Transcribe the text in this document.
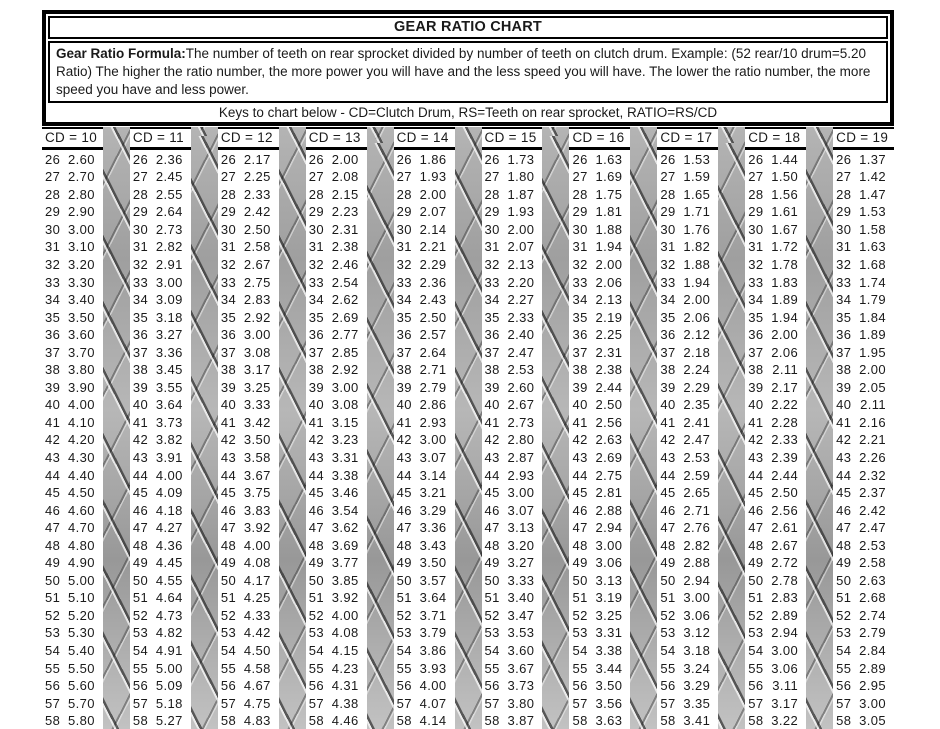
GEAR RATIO CHART
Gear Ratio Formula:The number of teeth on rear sprocket divided by number of teeth on clutch drum. Example: (52 rear/10 drum=5.20 Ratio) The higher the ratio number, the more power you will have and the less speed you will have. The lower the ratio number, the more speed you have and less power.
Keys to chart below - CD=Clutch Drum, RS=Teeth on rear sprocket, RATIO=RS/CD
CD = 10
26 2.60
27 2.70
28 2.80
29 2.90
30 3.00
31 3.10
32 3.20
33 3.30
34 3.40
35 3.50
36 3.60
37 3.70
38 3.80
39 3.90
40 4.00
41 4.10
42 4.20
43 4.30
44 4.40
45 4.50
46 4.60
47 4.70
48 4.80
49 4.90
50 5.00
51 5.10
52 5.20
53 5.30
54 5.40
55 5.50
56 5.60
57 5.70
58 5.80
CD = 11
26 2.36
27 2.45
28 2.55
29 2.64
30 2.73
31 2.82
32 2.91
33 3.00
34 3.09
35 3.18
36 3.27
37 3.36
38 3.45
39 3.55
40 3.64
41 3.73
42 3.82
43 3.91
44 4.00
45 4.09
46 4.18
47 4.27
48 4.36
49 4.45
50 4.55
51 4.64
52 4.73
53 4.82
54 4.91
55 5.00
56 5.09
57 5.18
58 5.27
CD = 12
26 2.17
27 2.25
28 2.33
29 2.42
30 2.50
31 2.58
32 2.67
33 2.75
34 2.83
35 2.92
36 3.00
37 3.08
38 3.17
39 3.25
40 3.33
41 3.42
42 3.50
43 3.58
44 3.67
45 3.75
46 3.83
47 3.92
48 4.00
49 4.08
50 4.17
51 4.25
52 4.33
53 4.42
54 4.50
55 4.58
56 4.67
57 4.75
58 4.83
CD = 13
26 2.00
27 2.08
28 2.15
29 2.23
30 2.31
31 2.38
32 2.46
33 2.54
34 2.62
35 2.69
36 2.77
37 2.85
38 2.92
39 3.00
40 3.08
41 3.15
42 3.23
43 3.31
44 3.38
45 3.46
46 3.54
47 3.62
48 3.69
49 3.77
50 3.85
51 3.92
52 4.00
53 4.08
54 4.15
55 4.23
56 4.31
57 4.38
58 4.46
CD = 14
26 1.86
27 1.93
28 2.00
29 2.07
30 2.14
31 2.21
32 2.29
33 2.36
34 2.43
35 2.50
36 2.57
37 2.64
38 2.71
39 2.79
40 2.86
41 2.93
42 3.00
43 3.07
44 3.14
45 3.21
46 3.29
47 3.36
48 3.43
49 3.50
50 3.57
51 3.64
52 3.71
53 3.79
54 3.86
55 3.93
56 4.00
57 4.07
58 4.14
CD = 15
26 1.73
27 1.80
28 1.87
29 1.93
30 2.00
31 2.07
32 2.13
33 2.20
34 2.27
35 2.33
36 2.40
37 2.47
38 2.53
39 2.60
40 2.67
41 2.73
42 2.80
43 2.87
44 2.93
45 3.00
46 3.07
47 3.13
48 3.20
49 3.27
50 3.33
51 3.40
52 3.47
53 3.53
54 3.60
55 3.67
56 3.73
57 3.80
58 3.87
CD = 16
26 1.63
27 1.69
28 1.75
29 1.81
30 1.88
31 1.94
32 2.00
33 2.06
34 2.13
35 2.19
36 2.25
37 2.31
38 2.38
39 2.44
40 2.50
41 2.56
42 2.63
43 2.69
44 2.75
45 2.81
46 2.88
47 2.94
48 3.00
49 3.06
50 3.13
51 3.19
52 3.25
53 3.31
54 3.38
55 3.44
56 3.50
57 3.56
58 3.63
CD = 17
26 1.53
27 1.59
28 1.65
29 1.71
30 1.76
31 1.82
32 1.88
33 1.94
34 2.00
35 2.06
36 2.12
37 2.18
38 2.24
39 2.29
40 2.35
41 2.41
42 2.47
43 2.53
44 2.59
45 2.65
46 2.71
47 2.76
48 2.82
49 2.88
50 2.94
51 3.00
52 3.06
53 3.12
54 3.18
55 3.24
56 3.29
57 3.35
58 3.41
CD = 18
26 1.44
27 1.50
28 1.56
29 1.61
30 1.67
31 1.72
32 1.78
33 1.83
34 1.89
35 1.94
36 2.00
37 2.06
38 2.11
39 2.17
40 2.22
41 2.28
42 2.33
43 2.39
44 2.44
45 2.50
46 2.56
47 2.61
48 2.67
49 2.72
50 2.78
51 2.83
52 2.89
53 2.94
54 3.00
55 3.06
56 3.11
57 3.17
58 3.22
CD = 19
26 1.37
27 1.42
28 1.47
29 1.53
30 1.58
31 1.63
32 1.68
33 1.74
34 1.79
35 1.84
36 1.89
37 1.95
38 2.00
39 2.05
40 2.11
41 2.16
42 2.21
43 2.26
44 2.32
45 2.37
46 2.42
47 2.47
48 2.53
49 2.58
50 2.63
51 2.68
52 2.74
53 2.79
54 2.84
55 2.89
56 2.95
57 3.00
58 3.05
